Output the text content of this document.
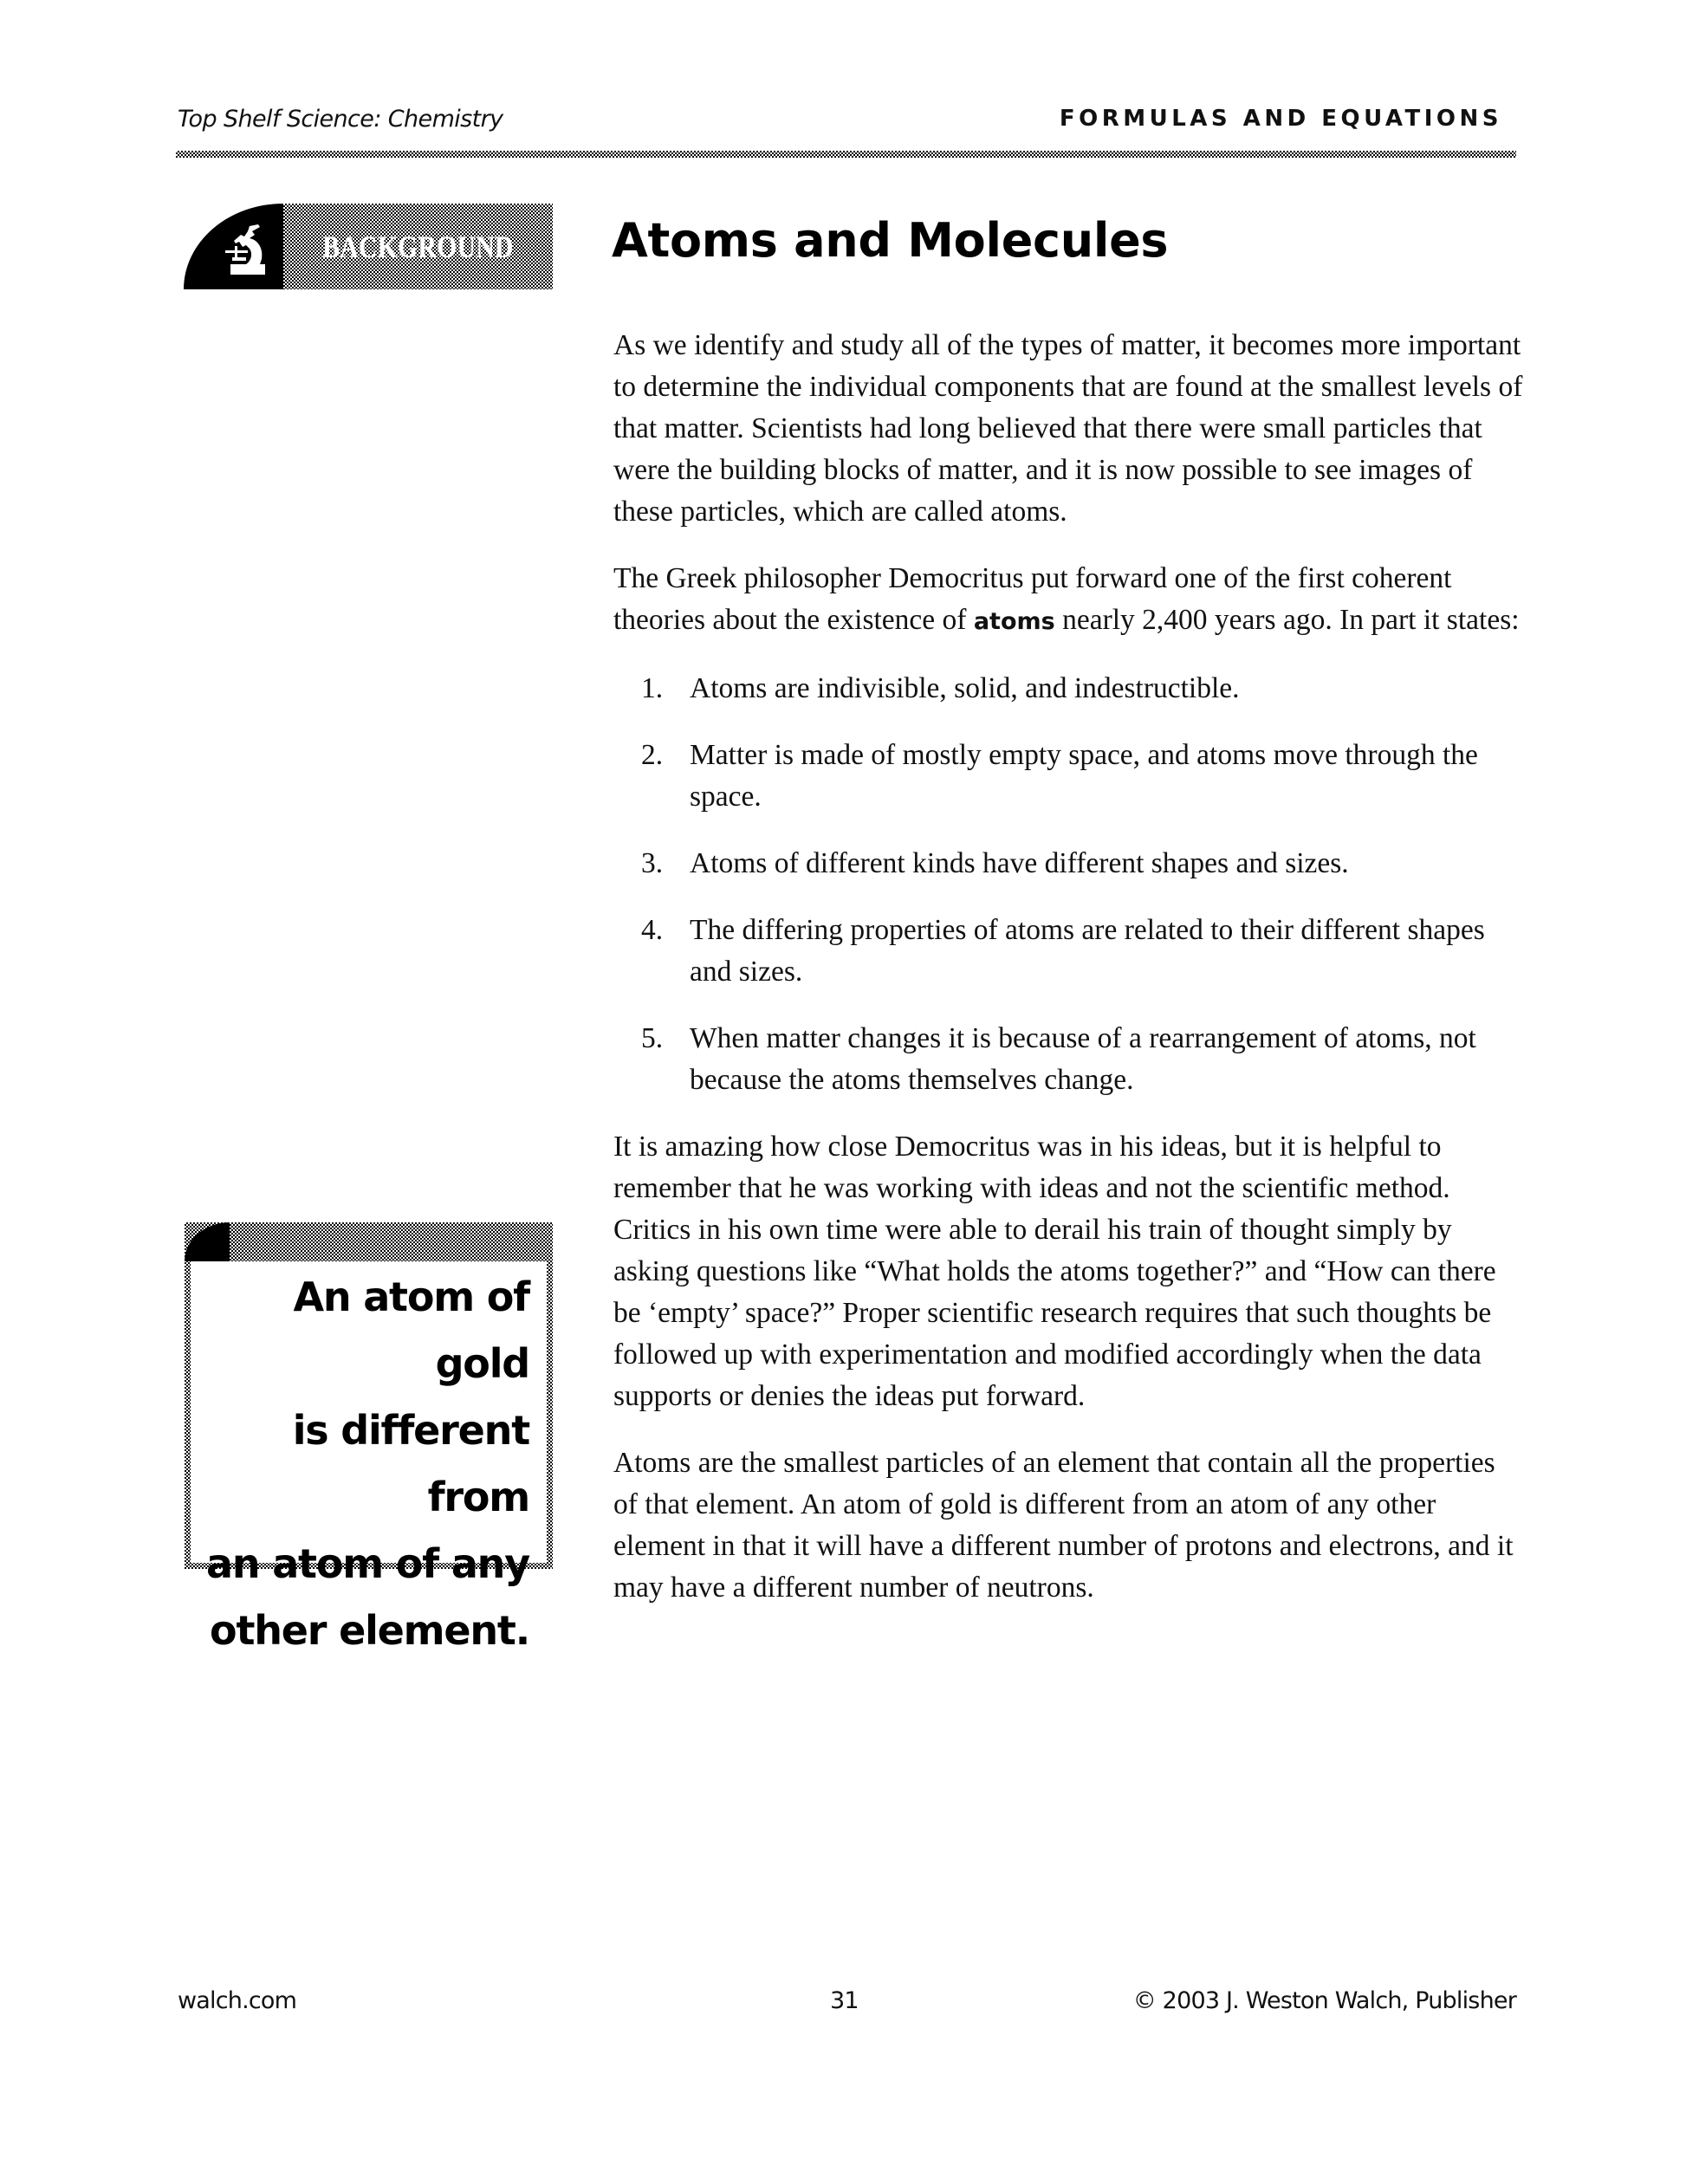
Top Shelf Science: Chemistry	FORMULAS AND EQUATIONS
BACKGROUND	Atoms and Molecules

As we identify and study all of the types of matter, it becomes more important to determine the individual components that are found at the smallest levels of that matter. Scientists had long believed that there were small particles that were the building blocks of matter, and it is now possible to see images of these particles, which are called atoms.

The Greek philosopher Democritus put forward one of the first coherent theories about the existence of atoms nearly 2,400 years ago. In part it states:

1. Atoms are indivisible, solid, and indestructible.
2. Matter is made of mostly empty space, and atoms move through the space.
3. Atoms of different kinds have different shapes and sizes.
4. The differing properties of atoms are related to their different shapes and sizes.
5. When matter changes it is because of a rearrangement of atoms, not because the atoms themselves change.

It is amazing how close Democritus was in his ideas, but it is helpful to remember that he was working with ideas and not the scientific method. Critics in his own time were able to derail his train of thought simply by asking questions like “What holds the atoms together?” and “How can there be ‘empty’ space?” Proper scientific research requires that such thoughts be followed up with experimentation and modified accordingly when the data supports or denies the ideas put forward.

Atoms are the smallest particles of an element that contain all the properties of that element. An atom of gold is different from an atom of any other element in that it will have a different number of protons and electrons, and it may have a different number of neutrons.

An atom of gold
is different from
an atom of any
other element.
walch.com	31	© 2003 J. Weston Walch, Publisher
